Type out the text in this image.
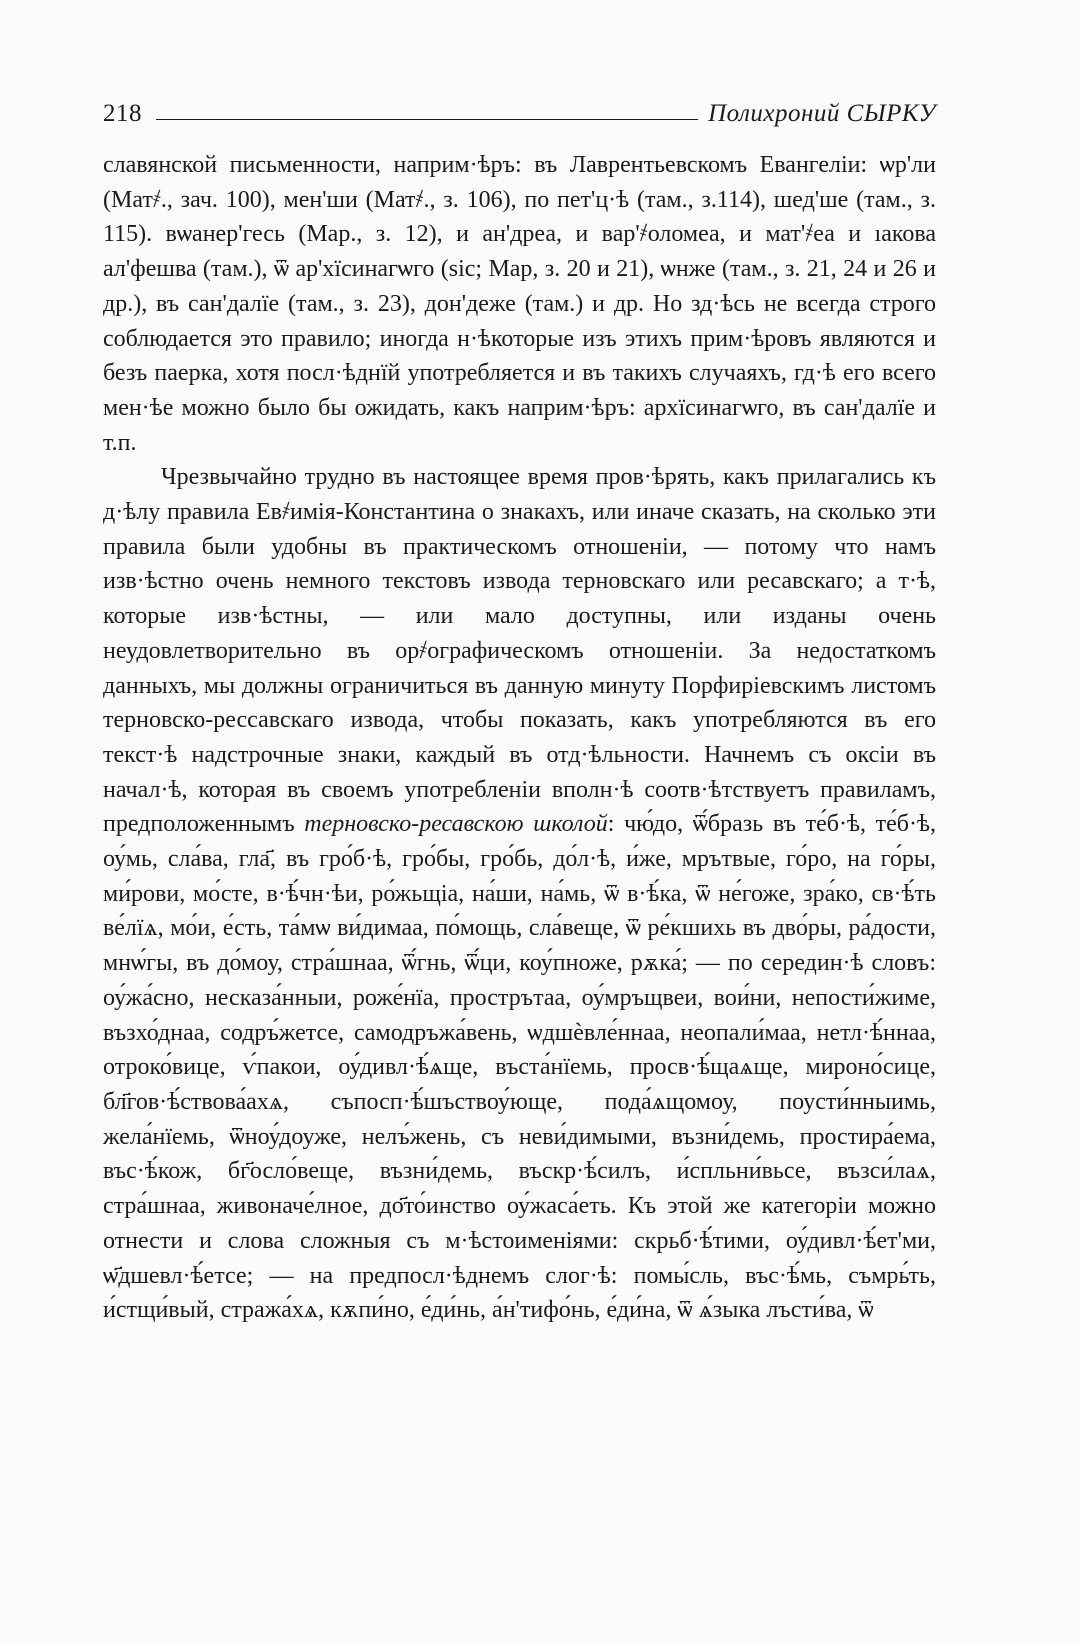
218	Полихроний СЫРКУ

славянской письменности, наприм·ѣръ: въ Лаврентьевскомъ Евангеліи: ѡр'ли (Мат҂., зач. 100), мен'ши (Мат҂., з. 106), по пет'ц·ѣ (там., з.114), шед'ше (там., з. 115). вѡанер'гесь (Мар., з. 12), и ан'дреа, и вар'҂оломеа, и мат'҂еа и ıакова ал'фешва (там.), ѿ ар'хїсинагѡго (sic; Мар, з. 20 и 21), ѡнже (там., з. 21, 24 и 26 и др.), въ сан'далїе (там., з. 23), дон'деже (там.) и др. Но зд·ѣсь не всегда строго соблюдается это правило; иногда н·ѣкоторые изъ этихъ прим·ѣровъ являются и безъ паерка, хотя посл·ѣднїй употребляется и въ такихъ случаяхъ, гд·ѣ его всего мен·ѣе можно было бы ожидать, какъ наприм·ѣръ: архїсинагѡго, въ сан'далїе и т.п.

Чрезвычайно трудно въ настоящее время пров·ѣрять, какъ прилагались къ д·ѣлу правила Ев҂имія-Константина о знакахъ, или иначе сказать, на сколько эти правила были удобны въ практическомъ отношеніи, — потому что намъ изв·ѣстно очень немного текстовъ извода терновскаго или ресавскаго; а т·ѣ, которые изв·ѣстны, — или мало доступны, или изданы очень неудовлетворительно въ ор҂ографическомъ отношеніи. За недостаткомъ данныхъ, мы должны ограничиться въ данную минуту Порфиріевскимъ листомъ терновско-рессавскаго извода, чтобы показать, какъ употребляются въ его текст·ѣ надстрочные знаки, каждый въ отд·ѣльности. Начнемъ съ оксіи въ начал·ѣ, которая въ своемъ употребленіи вполн·ѣ соотв·ѣтствуетъ правиламъ, предположеннымъ терновско-ресавскою школой: чю́до, ѿ́бразь въ те́б·ѣ, те́б·ѣ, оу́мь, сла́ва, гла҃, въ гро́б·ѣ, гро́бы, гро́бь, до́л·ѣ, и́же, мрътвые, го́ро, на го́ры, ми́рови, мо́сте, в·ѣ́чн·ѣи, ро́жьщіа, на́ши, на́мь, ѿ в·ѣ́ка, ѿ не́гоже, зра́ко, св·ѣ́ть ве́лїѧ, мо́и, е́сть, та́мѡ ви́димаа, по́мощь, сла́веще, ѿ ре́кшихь въ дво́ры, ра́дости, мнѡ́гы, въ до́моу, стра́шнаа, ѿ́гнь, ѿ́ци, коу́пноже, рѫка́; — по середин·ѣ словъ: оу́жа́сно, несказа́нныи, роже́нїа, прострътаа, оу́мръщвеи, вои́ни, непости́жиме, възхо́днаа, содръ́жетсе, самодръжа́вень, ѡдшѐвле́ннаа, неопали́маа, нетл·ѣ́ннаа, отроко́вице, ѵ́пакои, оу́дивл·ѣ́ѧще, въста́нїемь, просв·ѣ́щаѧще, мироно́сице, бл҃гов·ѣ́ствова́ахѧ, съпосп·ѣ́шъствоу́юще, пода́ѧщомоу, поусти́нныимь, жела́нїемь, ѿноу́доуже, нелъ́жень, съ неви́димыми, възни́демь, простира́ема, въс·ѣ́кож, бг҃осло́веще, възни́демь, въскр·ѣ́силъ, и́спльни́вьсе, възси́лаѧ, стра́шнаа, живоначе́лное, до҃то́инство оу́жаса́еть. Къ этой же категоріи можно отнести и слова сложныя съ м·ѣстоименіями: скрьб·ѣ́тими, оу́дивл·ѣ́ет'ми, ѡ҃дшевл·ѣ́етсе; — на предпосл·ѣднемъ слог·ѣ: помы́сль, въс·ѣ́мь, съмрь́ть, и́стщи́вый, стража́хѧ, кѫпи́но, е́ди́нь, а́н'тифо́нь, е́ди́на, ѿ ѧ́зыка лъсти́ва, ѿ
